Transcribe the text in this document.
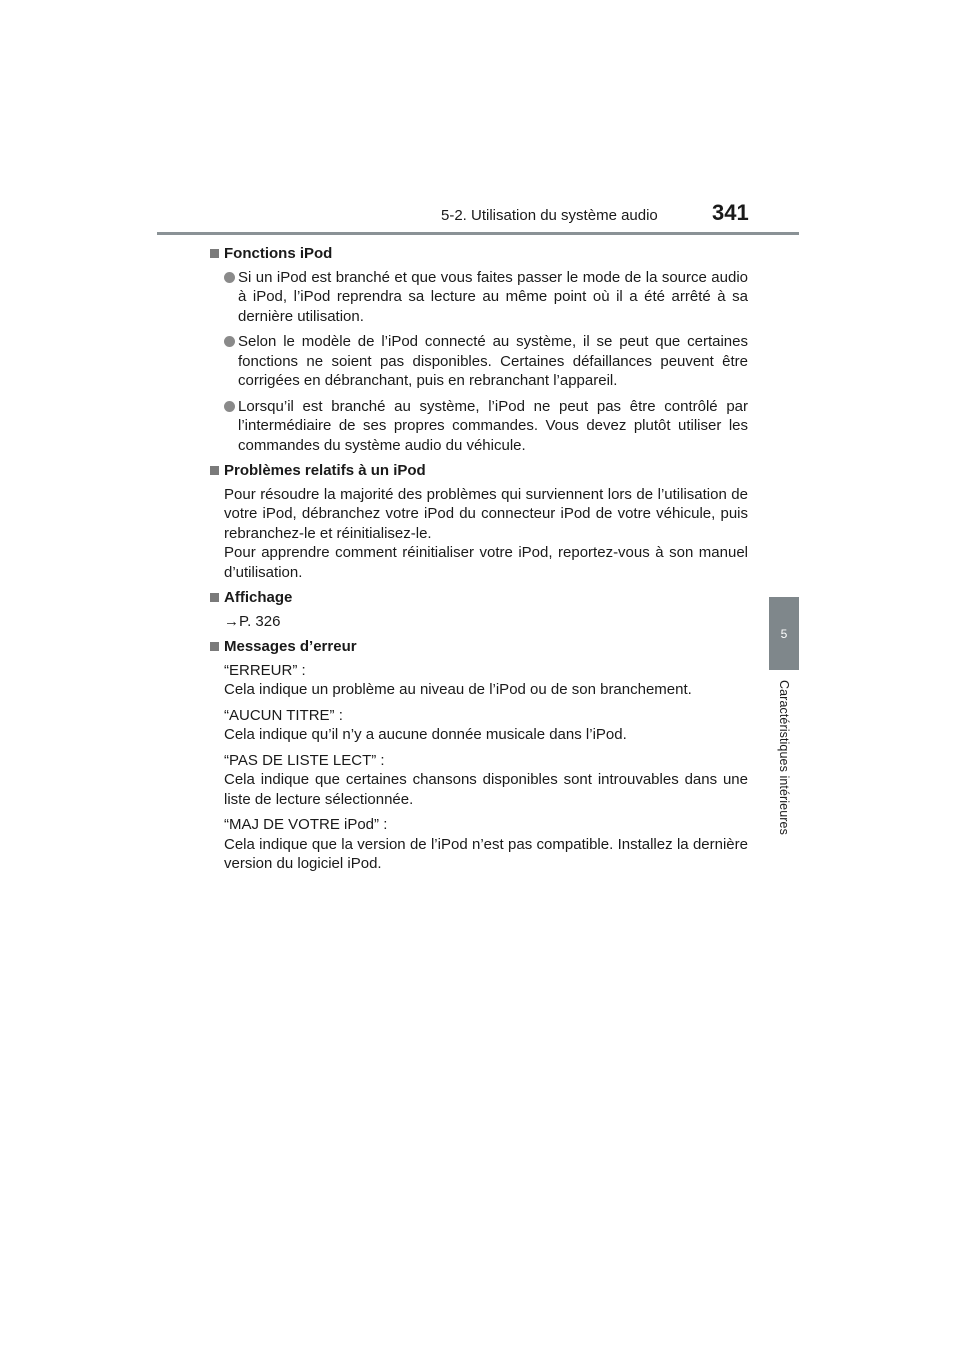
5-2. Utilisation du système audio 341
5
Caractéristiques intérieures
Fonctions iPod
Si un iPod est branché et que vous faites passer le mode de la source audio à iPod, l’iPod reprendra sa lecture au même point où il a été arrêté à sa dernière utilisation.
Selon le modèle de l’iPod connecté au système, il se peut que certaines fonctions ne soient pas disponibles. Certaines défaillances peuvent être corrigées en débranchant, puis en rebranchant l’appareil.
Lorsqu’il est branché au système, l’iPod ne peut pas être contrôlé par l’intermédiaire de ses propres commandes. Vous devez plutôt utiliser les commandes du système audio du véhicule.
Problèmes relatifs à un iPod
Pour résoudre la majorité des problèmes qui surviennent lors de l’utilisation de votre iPod, débranchez votre iPod du connecteur iPod de votre véhicule, puis rebranchez-le et réinitialisez-le.
Pour apprendre comment réinitialiser votre iPod, reportez-vous à son manuel d’utilisation.
Affichage
→P. 326
Messages d’erreur
“ERREUR” :
Cela indique un problème au niveau de l’iPod ou de son branchement.
“AUCUN TITRE” :
Cela indique qu’il n’y a aucune donnée musicale dans l’iPod.
“PAS DE LISTE LECT” :
Cela indique que certaines chansons disponibles sont introuvables dans une liste de lecture sélectionnée.
“MAJ DE VOTRE iPod” :
Cela indique que la version de l’iPod n’est pas compatible. Installez la dernière version du logiciel iPod.
